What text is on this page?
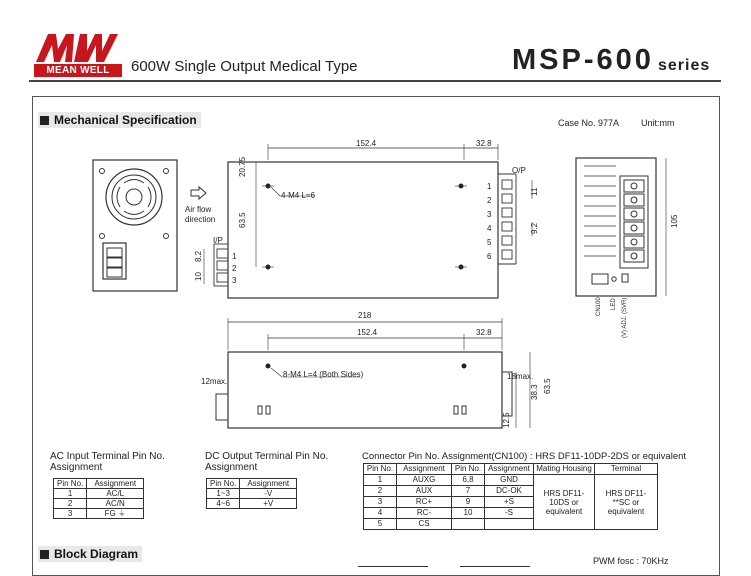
MEAN WELL	600W Single Output Medical Type	MSP-600 series
Mechanical Specification	Case No. 977A Unit:mm
Air flow
direction
152.4	32.8
20.75
63.5
4-M4 L=6
O/P
I/P
8.2
10
11
9.2
1
2
3
4
5
6
1
2
3
105
CN100 LED (V) ADJ. (SVR)
218
152.4	32.8
8-M4 L=4 (Both Sides)
12max.
18max.
38.3 63.5
12.5
AC Input Terminal Pin No.
Assignment
Pin No.	Assignment
1	AC/L
2	AC/N
3	FG ⏚
DC Output Terminal Pin No.
Assignment
Pin No.	Assignment
1~3	-V
4~6	+V
Connector Pin No. Assignment(CN100) : HRS DF11-10DP-2DS or equivalent
Pin No.	Assignment	Pin No.	Assignment	Mating Housing	Terminal
1	AUXG	6,8	GND	HRS DF11-10DS or equivalent	HRS DF11-**SC or equivalent
2	AUX	7	DC-OK		
3	RC+	9	+S		
4	RC-	10	-S		
5	CS				
Block Diagram	PWM fosc : 70KHz
